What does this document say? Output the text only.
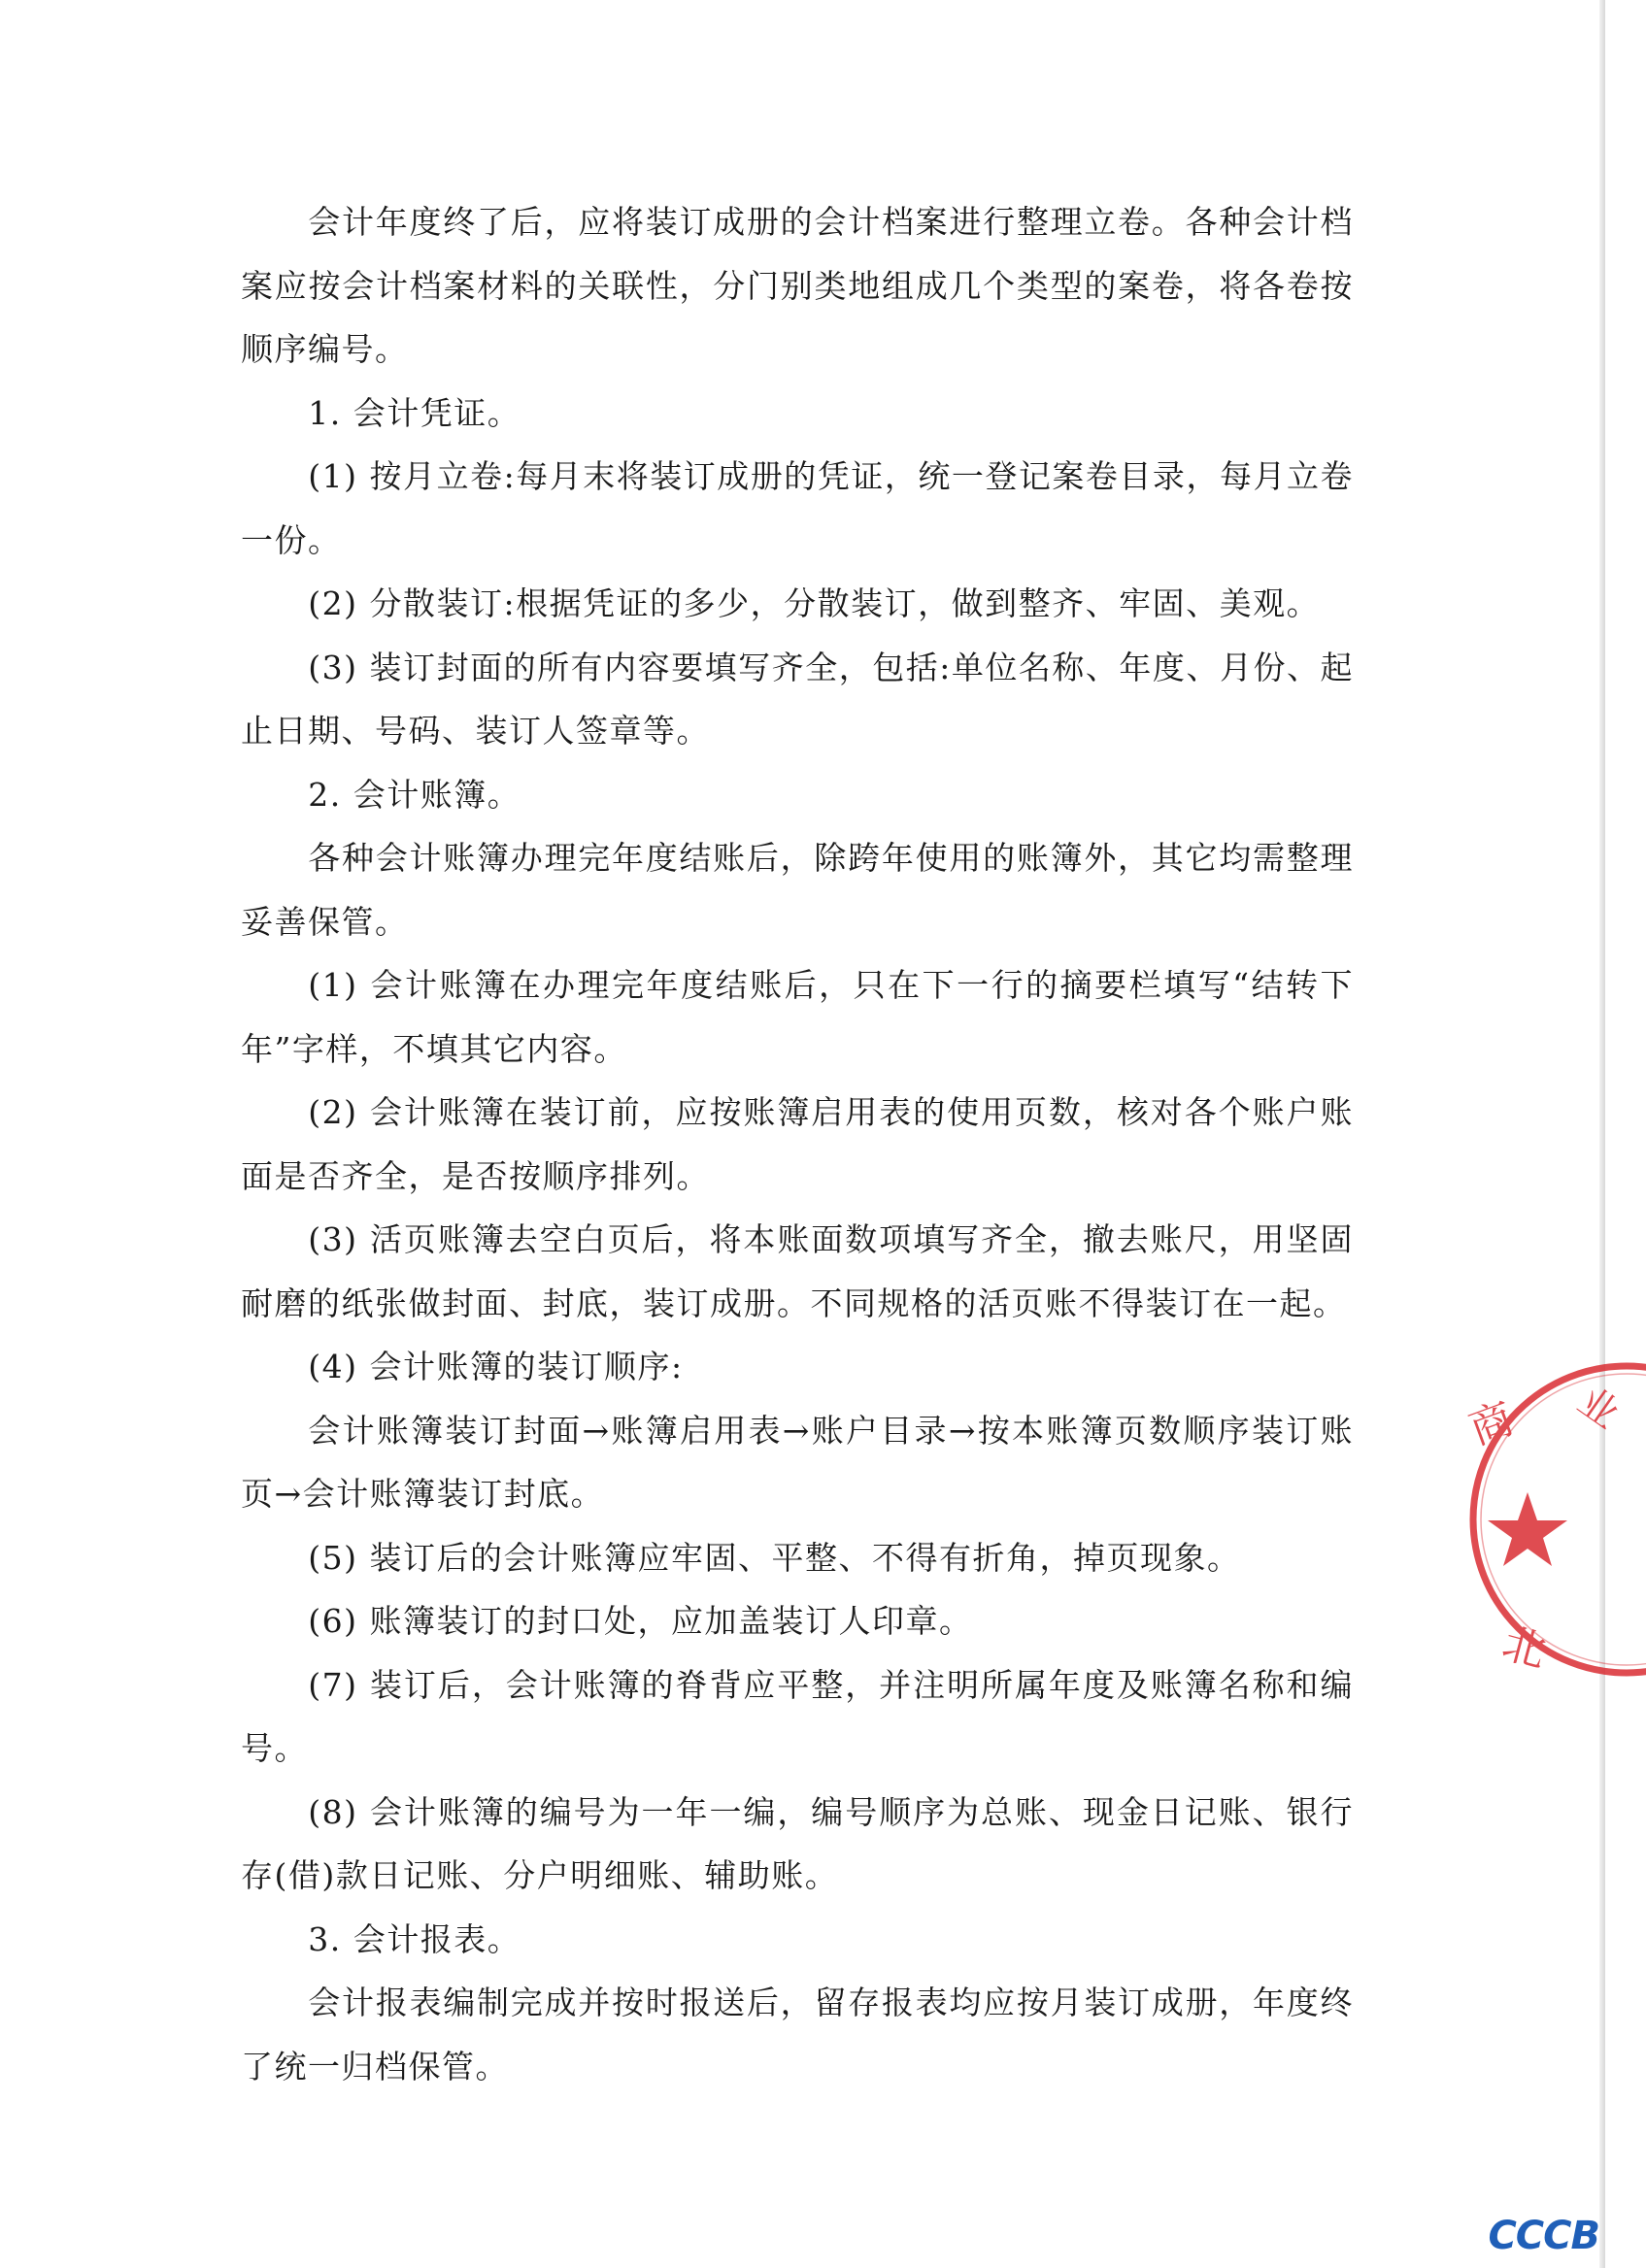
会计年度终了后，应将装订成册的会计档案进行整理立卷。各种会计档案应按会计档案材料的关联性，分门别类地组成几个类型的案卷，将各卷按顺序编号。

1. 会计凭证。

(1) 按月立卷:每月末将装订成册的凭证，统一登记案卷目录，每月立卷一份。

(2) 分散装订:根据凭证的多少，分散装订，做到整齐、牢固、美观。

(3) 装订封面的所有内容要填写齐全，包括:单位名称、年度、月份、起止日期、号码、装订人签章等。

2. 会计账簿。

各种会计账簿办理完年度结账后，除跨年使用的账簿外，其它均需整理妥善保管。

(1) 会计账簿在办理完年度结账后，只在下一行的摘要栏填写“结转下年”字样，不填其它内容。

(2) 会计账簿在装订前，应按账簿启用表的使用页数，核对各个账户账面是否齐全，是否按顺序排列。

(3) 活页账簿去空白页后，将本账面数项填写齐全，撤去账尺，用坚固耐磨的纸张做封面、封底，装订成册。不同规格的活页账不得装订在一起。

(4) 会计账簿的装订顺序:

会计账簿装订封面→账簿启用表→账户目录→按本账簿页数顺序装订账页→会计账簿装订封底。

(5) 装订后的会计账簿应牢固、平整、不得有折角，掉页现象。

(6) 账簿装订的封口处，应加盖装订人印章。

(7) 装订后，会计账簿的脊背应平整，并注明所属年度及账簿名称和编号。

(8) 会计账簿的编号为一年一编，编号顺序为总账、现金日记账、银行存(借)款日记账、分户明细账、辅助账。

3. 会计报表。

会计报表编制完成并按时报送后，留存报表均应按月装订成册，年度终了统一归档保管。

商 业
北
CCCB
